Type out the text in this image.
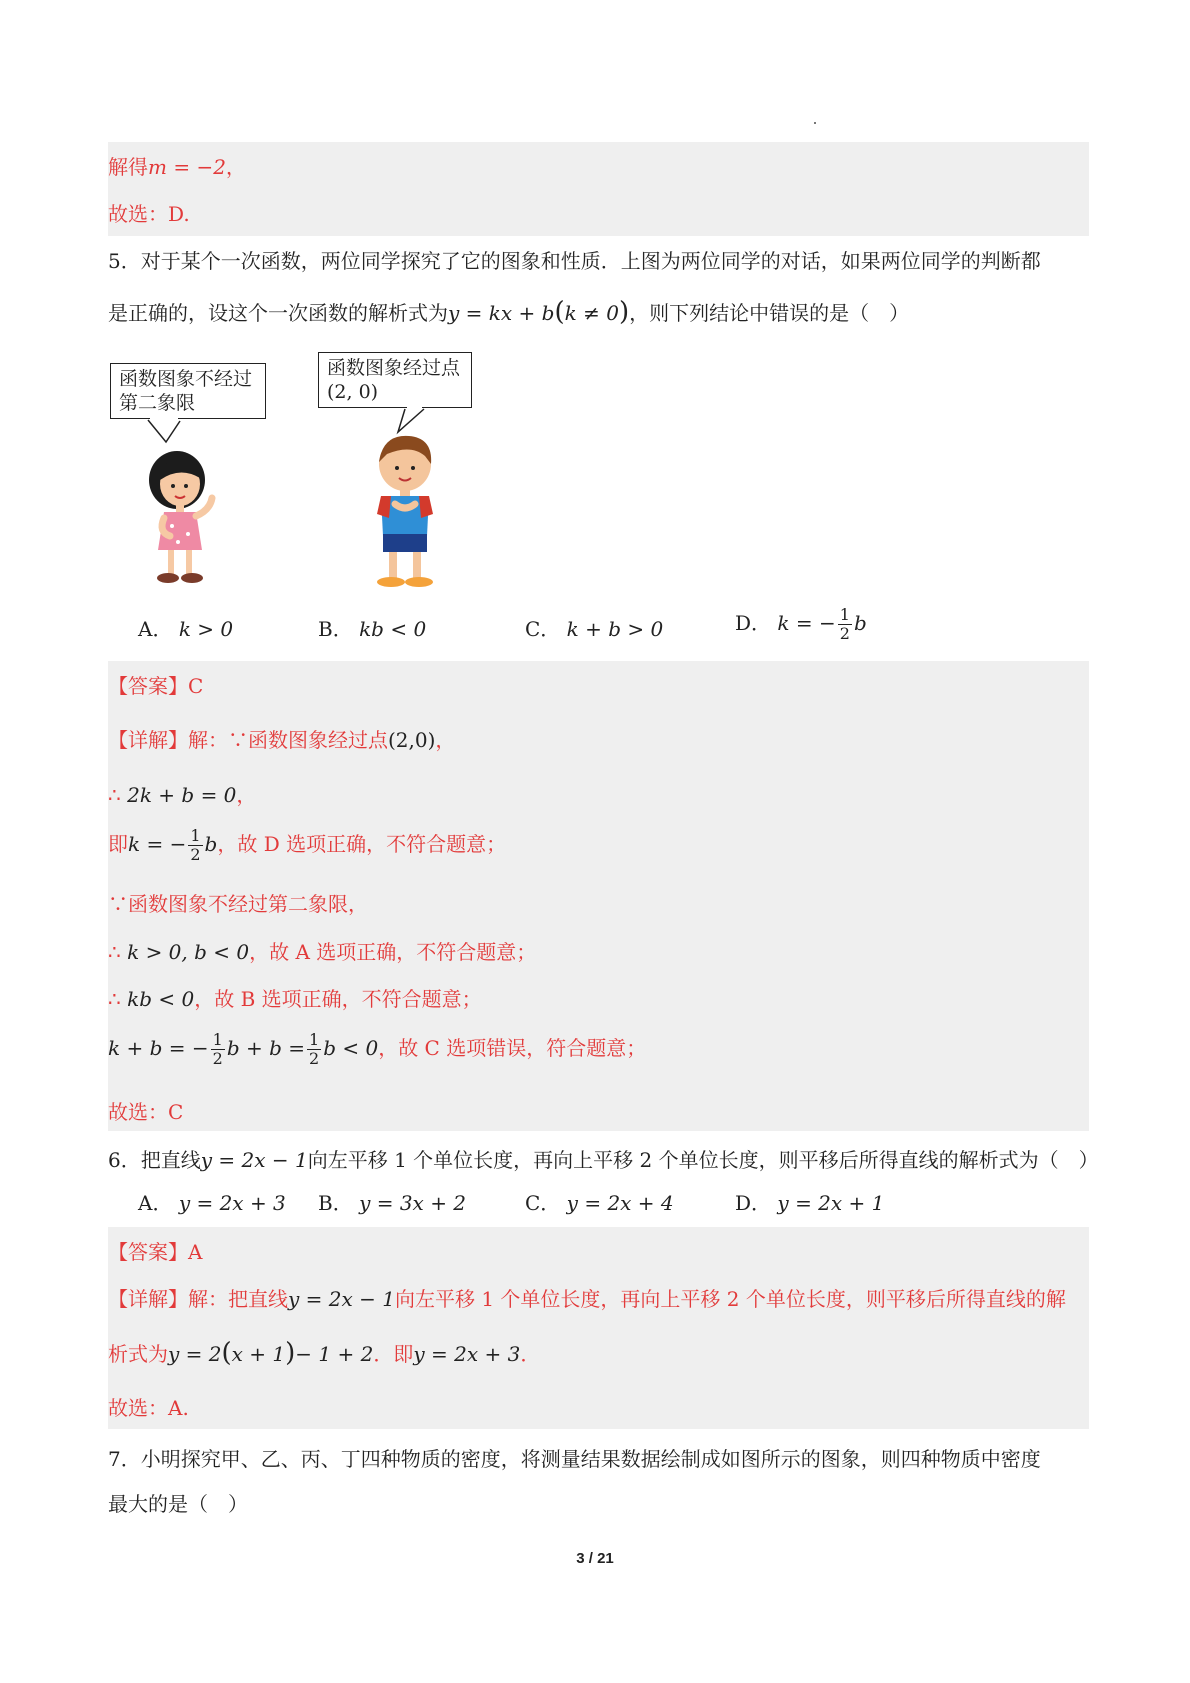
解得m = −2，
故选：D.
5．对于某个一次函数，两位同学探究了它的图象和性质．上图为两位同学的对话，如果两位同学的判断都
是正确的，设这个一次函数的解析式为y = kx + b(k ≠ 0)，则下列结论中错误的是（　）
函数图象不经过
第二象限
函数图象经过点
(2, 0)
A． k > 0	B． kb < 0	C． k + b > 0	D． k = − $\frac{1}{2}$ b
【答案】C
【详解】解：∵函数图象经过点(2,0)，
∴ 2k + b = 0，
即k = − $\frac{1}{2}$ b，故 D 选项正确，不符合题意；
∵函数图象不经过第二象限，
∴ k > 0, b < 0，故 A 选项正确，不符合题意；
∴ kb < 0，故 B 选项正确，不符合题意；
k + b = − $\frac{1}{2}$ $b + b = \frac{1}{2}$ b < 0，故 C 选项错误，符合题意；
故选：C
6．把直线y = 2x − 1向左平移 1 个单位长度，再向上平移 2 个单位长度，则平移后所得直线的解析式为（　）
A． y = 2x + 3 B． y = 3x + 2	C． y = 2x + 4	D． y = 2x + 1
【答案】A
【详解】解：把直线y = 2x − 1向左平移 1 个单位长度，再向上平移 2 个单位长度，则平移后所得直线的解
析式为y = 2(x + 1)− 1 + 2．即y = 2x + 3．
故选：A.
7．小明探究甲、乙、丙、丁四种物质的密度，将测量结果数据绘制成如图所示的图象，则四种物质中密度
最大的是（　）
3 / 21
